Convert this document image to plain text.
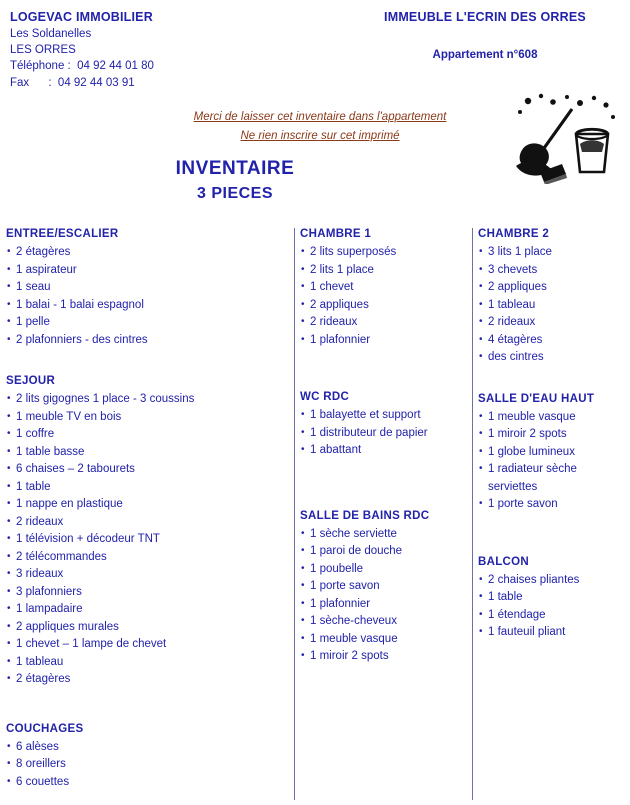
LOGEVAC IMMOBILIER
Les Soldanelles
LES ORRES
Téléphone :  04 92 44 01 80
Fax      :  04 92 44 03 91
IMMEUBLE L'ECRIN DES ORRES
Appartement n°608
Merci de laisser cet inventaire dans l'appartement
Ne rien inscrire sur cet imprimé
INVENTAIRE
3 PIECES
ENTREE/ESCALIER
• 2 étagères
• 1 aspirateur
• 1 seau
• 1 balai - 1 balai espagnol
• 1 pelle
• 2 plafonniers - des cintres
SEJOUR
• 2 lits gigognes 1 place - 3 coussins
• 1 meuble TV en bois
• 1 coffre
• 1 table basse
• 6 chaises – 2 tabourets
• 1 table
• 1 nappe en plastique
• 2 rideaux
• 1 télévision + décodeur TNT
• 2 télécommandes
• 3 rideaux
• 3 plafonniers
• 1 lampadaire
• 2 appliques murales
• 1 chevet – 1 lampe de chevet
• 1 tableau
• 2 étagères
COUCHAGES
• 6 alèses
• 8 oreillers
• 6 couettes
CHAMBRE 1
• 2 lits superposés
• 2 lits 1 place
• 1 chevet
• 2 appliques
• 2 rideaux
• 1 plafonnier
WC RDC
• 1 balayette et support
• 1 distributeur de papier
• 1 abattant
SALLE DE BAINS RDC
• 1 sèche serviette
• 1 paroi de douche
• 1 poubelle
• 1 porte savon
• 1 plafonnier
• 1 sèche-cheveux
• 1 meuble vasque
• 1 miroir 2 spots
CHAMBRE 2
• 3 lits 1 place
• 3 chevets
• 2 appliques
• 1 tableau
• 2 rideaux
• 4 étagères
• des cintres
SALLE D'EAU HAUT
• 1 meuble vasque
• 1 miroir 2 spots
• 1 globe lumineux
• 1 radiateur sèche serviettes
• 1 porte savon
BALCON
• 2 chaises pliantes
• 1 table
• 1 étendage
• 1 fauteuil pliant
